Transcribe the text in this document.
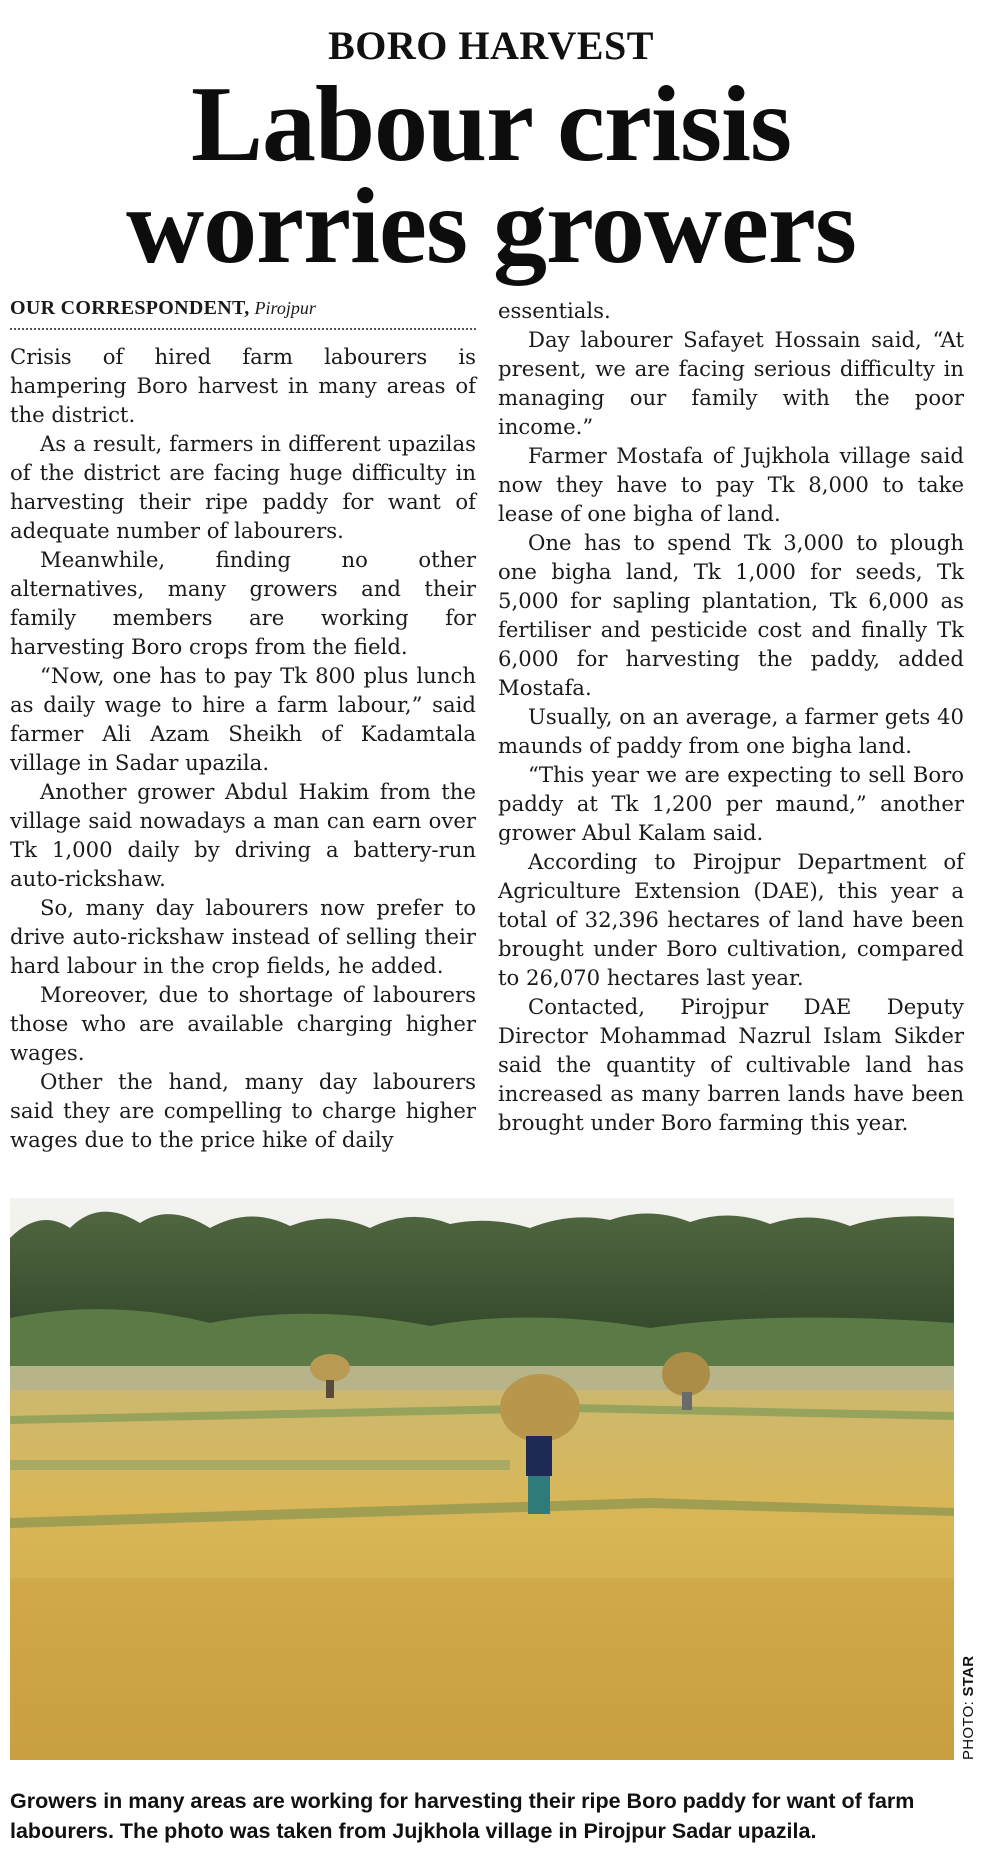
BORO HARVEST
Labour crisis
worries growers
OUR CORRESPONDENT, Pirojpur

Crisis of hired farm labourers is hampering Boro harvest in many areas of the district.

As a result, farmers in different upazilas of the district are facing huge difficulty in harvesting their ripe paddy for want of adequate number of labourers.

Meanwhile, finding no other alternatives, many growers and their family members are working for harvesting Boro crops from the field.

“Now, one has to pay Tk 800 plus lunch as daily wage to hire a farm labour,” said farmer Ali Azam Sheikh of Kadamtala village in Sadar upazila.

Another grower Abdul Hakim from the village said nowadays a man can earn over Tk 1,000 daily by driving a battery-run auto-rickshaw.

So, many day labourers now prefer to drive auto-rickshaw instead of selling their hard labour in the crop fields, he added.

Moreover, due to shortage of labourers those who are available charging higher wages.

Other the hand, many day labourers said they are compelling to charge higher wages due to the price hike of daily

essentials.

Day labourer Safayet Hossain said, “At present, we are facing serious difficulty in managing our family with the poor income.”

Farmer Mostafa of Jujkhola village said now they have to pay Tk 8,000 to take lease of one bigha of land.

One has to spend Tk 3,000 to plough one bigha land, Tk 1,000 for seeds, Tk 5,000 for sapling plantation, Tk 6,000 as fertiliser and pesticide cost and finally Tk 6,000 for harvesting the paddy, added Mostafa.

Usually, on an average, a farmer gets 40 maunds of paddy from one bigha land.

“This year we are expecting to sell Boro paddy at Tk 1,200 per maund,” another grower Abul Kalam said.

According to Pirojpur Department of Agriculture Extension (DAE), this year a total of 32,396 hectares of land have been brought under Boro cultivation, compared to 26,070 hectares last year.

Contacted, Pirojpur DAE Deputy Director Mohammad Nazrul Islam Sikder said the quantity of cultivable land has increased as many barren lands have been brought under Boro farming this year.

PHOTO: STAR
Growers in many areas are working for harvesting their ripe Boro paddy for want of farm labourers. The photo was taken from Jujkhola village in Pirojpur Sadar upazila.
